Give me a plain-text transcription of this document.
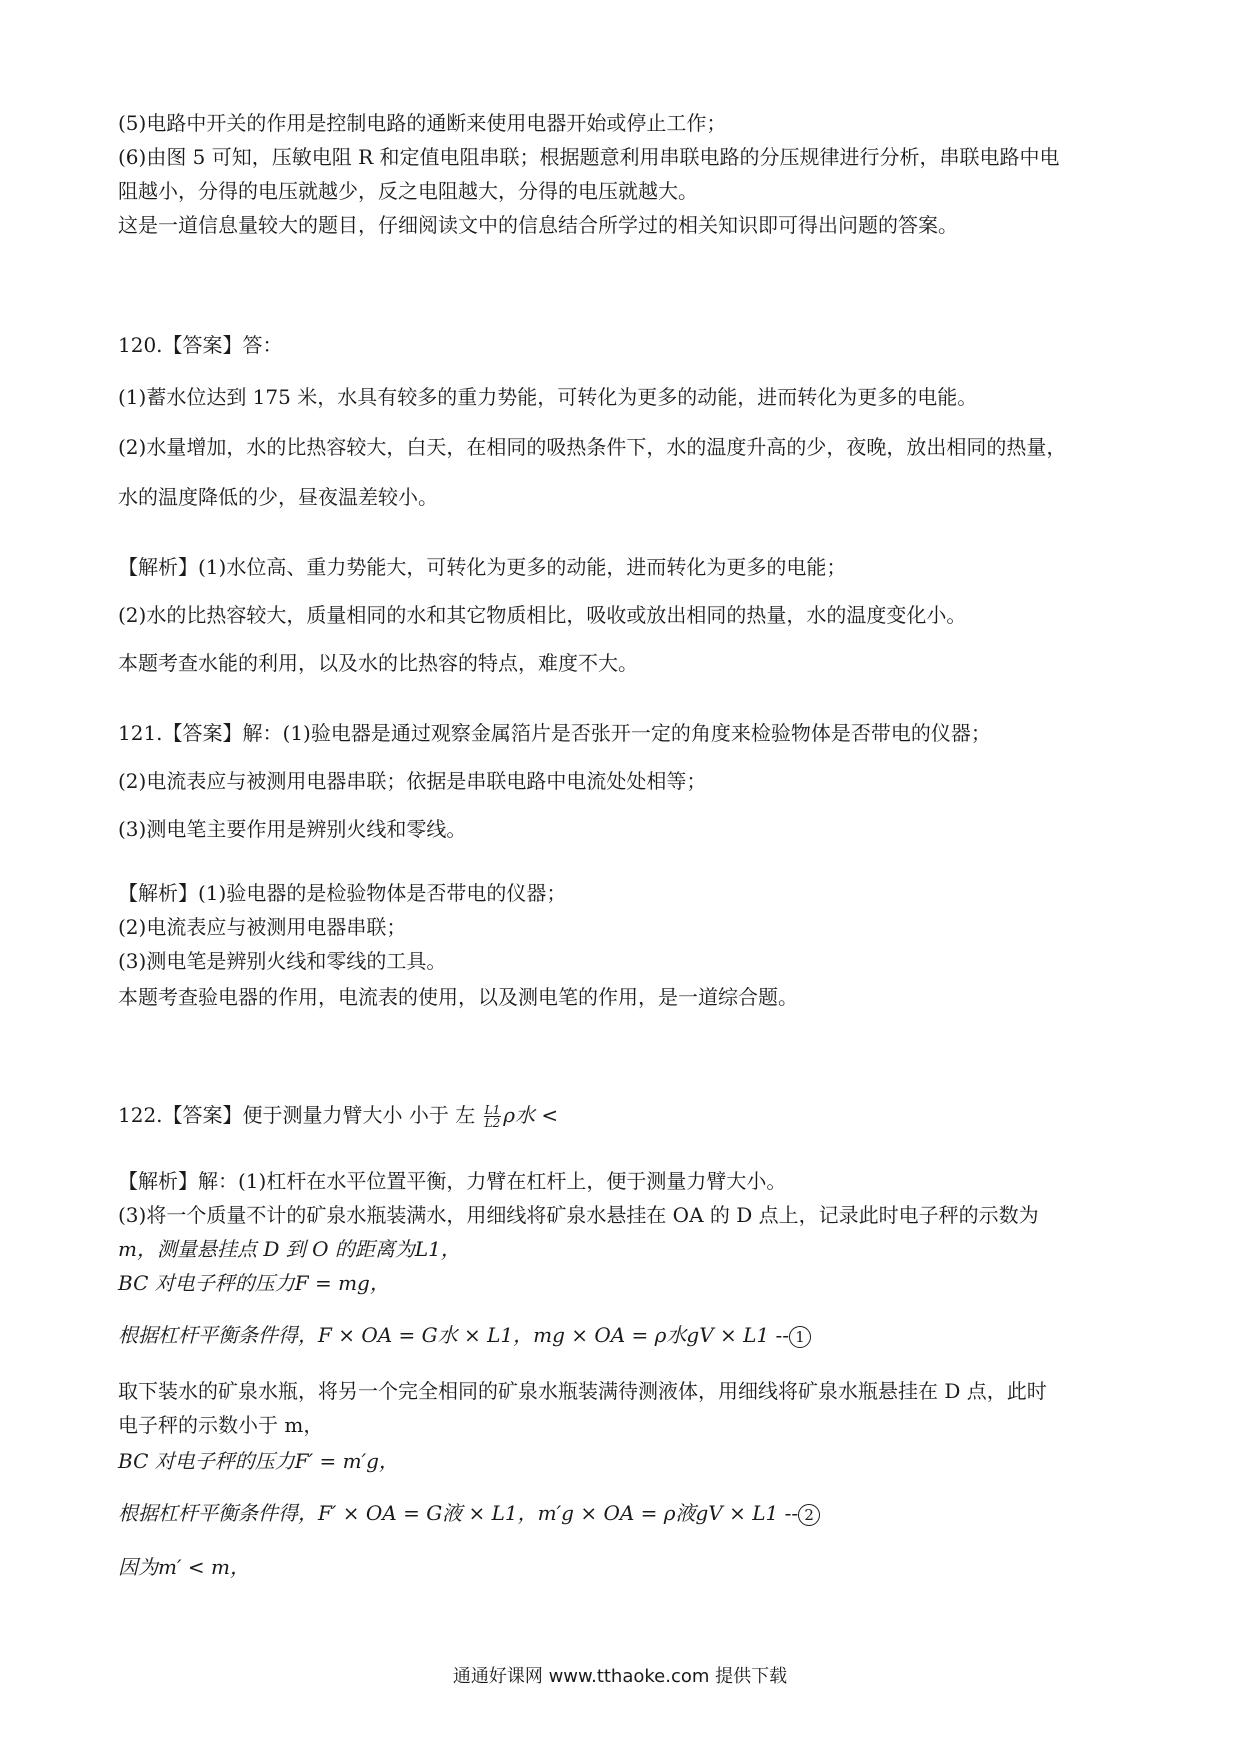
(5)电路中开关的作用是控制电路的通断来使用电器开始或停止工作；
(6)由图 5 可知，压敏电阻 R 和定值电阻串联；根据题意利用串联电路的分压规律进行分析，串联电路中电
阻越小，分得的电压就越少，反之电阻越大，分得的电压就越大。
这是一道信息量较大的题目，仔细阅读文中的信息结合所学过的相关知识即可得出问题的答案。
120.【答案】答：
(1)蓄水位达到 175 米，水具有较多的重力势能，可转化为更多的动能，进而转化为更多的电能。
(2)水量增加，水的比热容较大，白天，在相同的吸热条件下，水的温度升高的少，夜晚，放出相同的热量，
水的温度降低的少，昼夜温差较小。
【解析】(1)水位高、重力势能大，可转化为更多的动能，进而转化为更多的电能；
(2)水的比热容较大，质量相同的水和其它物质相比，吸收或放出相同的热量，水的温度变化小。
本题考查水能的利用，以及水的比热容的特点，难度不大。
121.【答案】解：(1)验电器是通过观察金属箔片是否张开一定的角度来检验物体是否带电的仪器；
(2)电流表应与被测用电器串联；依据是串联电路中电流处处相等；
(3)测电笔主要作用是辨别火线和零线。
【解析】(1)验电器的是检验物体是否带电的仪器；
(2)电流表应与被测用电器串联；
(3)测电笔是辨别火线和零线的工具。
本题考查验电器的作用，电流表的使用，以及测电笔的作用，是一道综合题。
122.【答案】便于测量力臂大小 小于 左 $\frac{L1}{L2}$ ρ水 <
【解析】解：(1)杠杆在水平位置平衡，力臂在杠杆上，便于测量力臂大小。
(3)将一个质量不计的矿泉水瓶装满水，用细线将矿泉水悬挂在 OA 的 D 点上，记录此时电子秤的示数为
m，测量悬挂点 D 到 O 的距离为L1，
BC 对电子秤的压力F = mg，
根据杠杆平衡条件得，F × OA = G水 × L1，mg × OA = ρ水gV × L1 -- 1
取下装水的矿泉水瓶，将另一个完全相同的矿泉水瓶装满待测液体，用细线将矿泉水瓶悬挂在 D 点，此时
电子秤的示数小于 m，
BC 对电子秤的压力F′ = m′g，
根据杠杆平衡条件得，F′ × OA = G液 × L1，m′g × OA = ρ液gV × L1 -- 2
因为m′ < m，
通通好课网 www.tthaoke.com 提供下载
